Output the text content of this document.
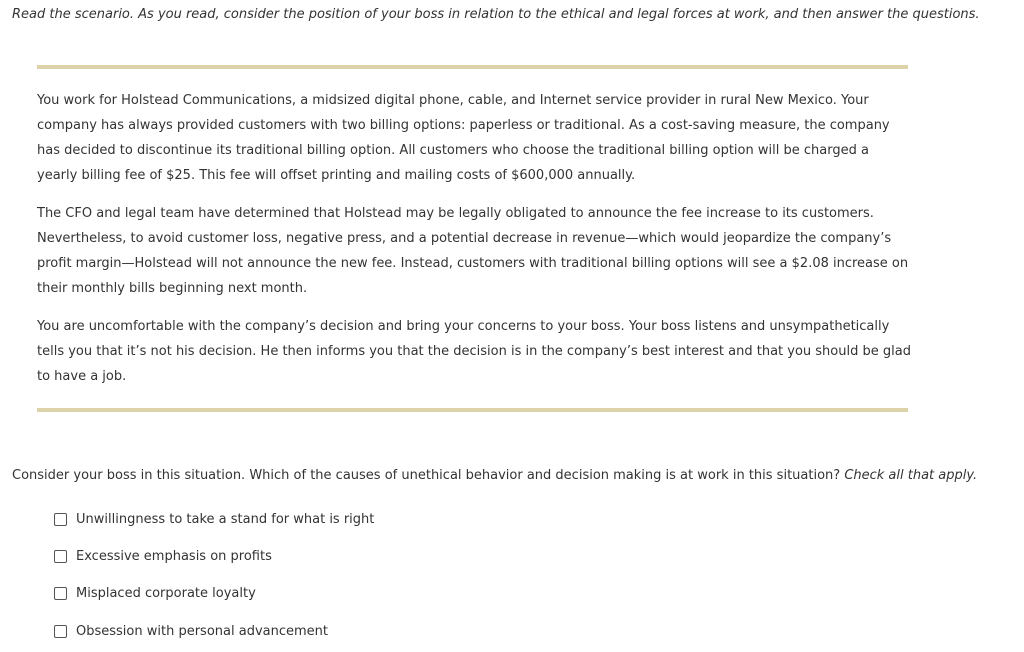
Read the scenario. As you read, consider the position of your boss in relation to the ethical and legal forces at work, and then answer the questions.

You work for Holstead Communications, a midsized digital phone, cable, and Internet service provider in rural New Mexico. Your company has always provided customers with two billing options: paperless or traditional. As a cost-saving measure, the company has decided to discontinue its traditional billing option. All customers who choose the traditional billing option will be charged a yearly billing fee of $25. This fee will offset printing and mailing costs of $600,000 annually.

The CFO and legal team have determined that Holstead may be legally obligated to announce the fee increase to its customers. Nevertheless, to avoid customer loss, negative press, and a potential decrease in revenue—which would jeopardize the company’s profit margin—Holstead will not announce the new fee. Instead, customers with traditional billing options will see a $2.08 increase on their monthly bills beginning next month.

You are uncomfortable with the company’s decision and bring your concerns to your boss. Your boss listens and unsympathetically tells you that it’s not his decision. He then informs you that the decision is in the company’s best interest and that you should be glad to have a job.

Consider your boss in this situation. Which of the causes of unethical behavior and decision making is at work in this situation? Check all that apply.

Unwillingness to take a stand for what is right
Excessive emphasis on profits
Misplaced corporate loyalty
Obsession with personal advancement
